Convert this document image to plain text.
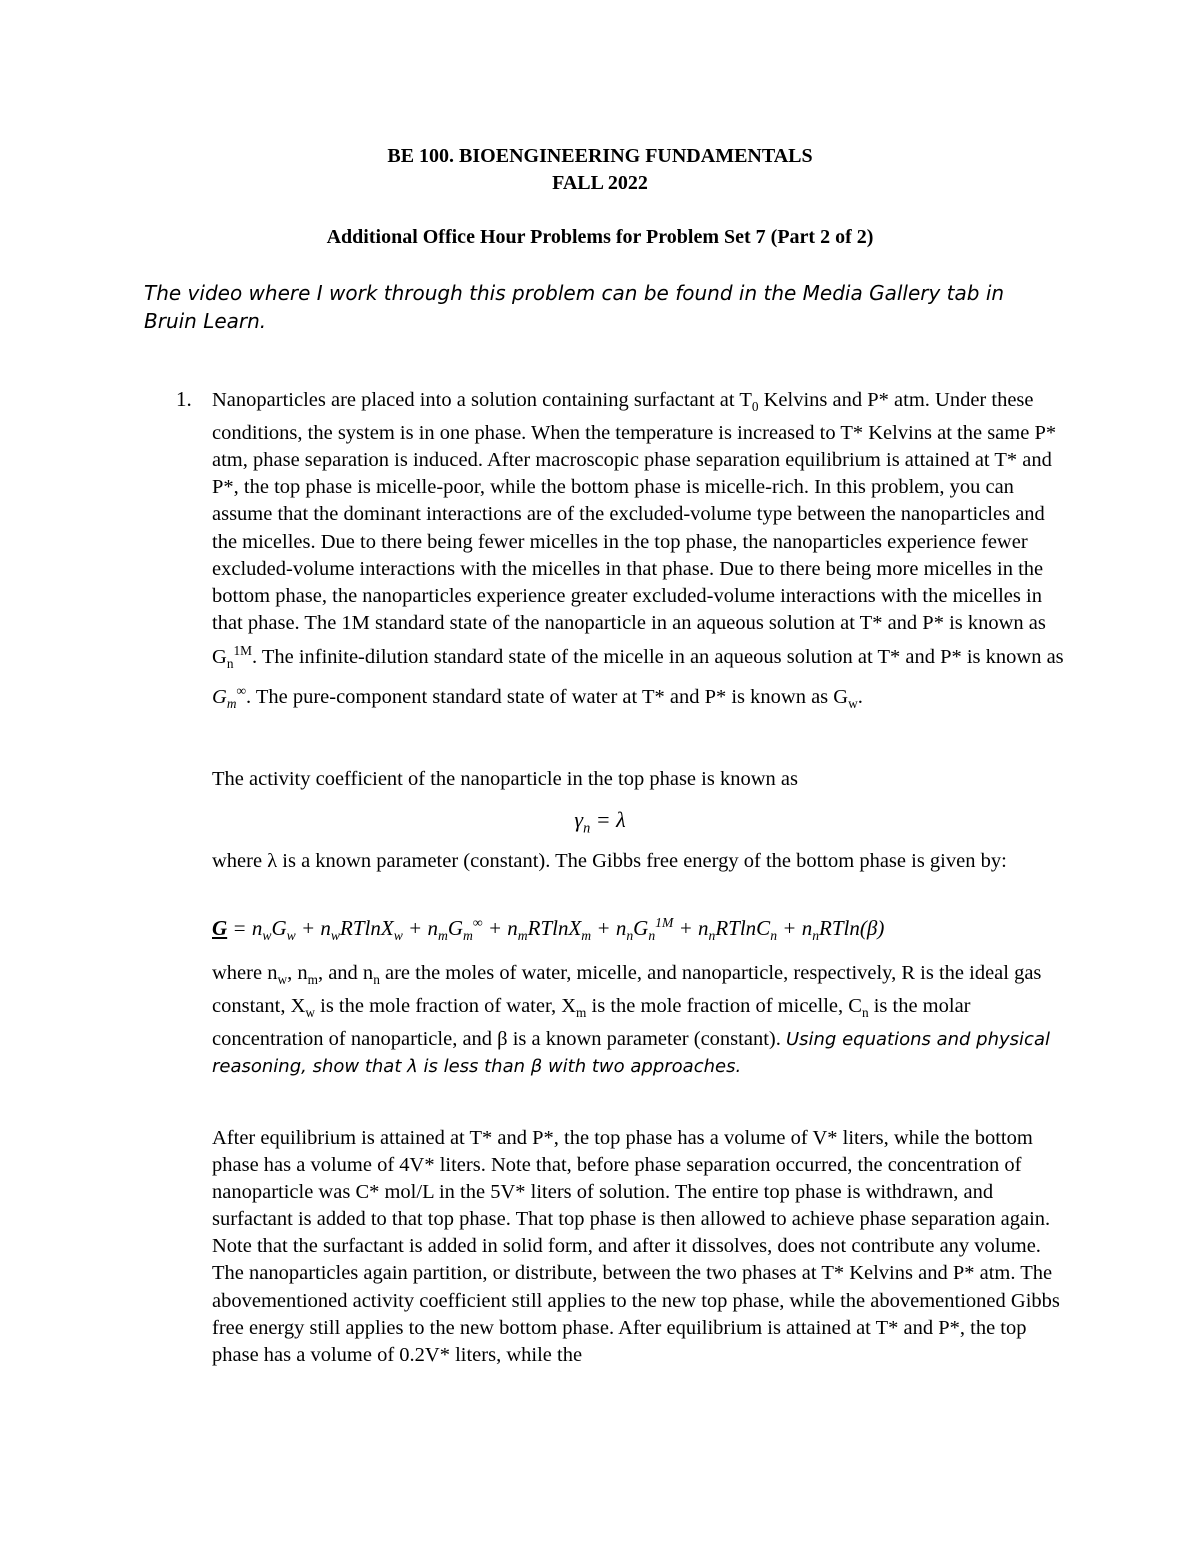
BE 100. BIOENGINEERING FUNDAMENTALS
FALL 2022
Additional Office Hour Problems for Problem Set 7 (Part 2 of 2)
The video where I work through this problem can be found in the Media Gallery tab in Bruin Learn.
1. Nanoparticles are placed into a solution containing surfactant at $T_0$ Kelvins and P* atm. Under these conditions, the system is in one phase. When the temperature is increased to T* Kelvins at the same P* atm, phase separation is induced. After macroscopic phase separation equilibrium is attained at T* and P*, the top phase is micelle-poor, while the bottom phase is micelle-rich. In this problem, you can assume that the dominant interactions are of the excluded-volume type between the nanoparticles and the micelles. Due to there being fewer micelles in the top phase, the nanoparticles experience fewer excluded-volume interactions with the micelles in that phase. Due to there being more micelles in the bottom phase, the nanoparticles experience greater excluded-volume interactions with the micelles in that phase. The 1M standard state of the nanoparticle in an aqueous solution at T* and P* is known as $G_n^{1M}$. The infinite-dilution standard state of the micelle in an aqueous solution at T* and P* is known as $G_m^\infty$. The pure-component standard state of water at T* and P* is known as $G_w$.
The activity coefficient of the nanoparticle in the top phase is known as
$\gamma_n = \lambda$
where λ is a known parameter (constant). The Gibbs free energy of the bottom phase is given by:
$G = n_wG_w + n_wRTlnX_w + n_mG_m^\infty + n_mRTlnX_m + n_nG_n^{1M} + n_nRTlnC_n + n_nRTln(\beta)$
where $n_w$, $n_m$, and $n_n$ are the moles of water, micelle, and nanoparticle, respectively, R is the ideal gas constant, $X_w$ is the mole fraction of water, $X_m$ is the mole fraction of micelle, $C_n$ is the molar concentration of nanoparticle, and β is a known parameter (constant). Using equations and physical reasoning, show that λ is less than β with two approaches.
After equilibrium is attained at T* and P*, the top phase has a volume of V* liters, while the bottom phase has a volume of 4V* liters. Note that, before phase separation occurred, the concentration of nanoparticle was C* mol/L in the 5V* liters of solution. The entire top phase is withdrawn, and surfactant is added to that top phase. That top phase is then allowed to achieve phase separation again. Note that the surfactant is added in solid form, and after it dissolves, does not contribute any volume. The nanoparticles again partition, or distribute, between the two phases at T* Kelvins and P* atm. The abovementioned activity coefficient still applies to the new top phase, while the abovementioned Gibbs free energy still applies to the new bottom phase. After equilibrium is attained at T* and P*, the top phase has a volume of 0.2V* liters, while the
